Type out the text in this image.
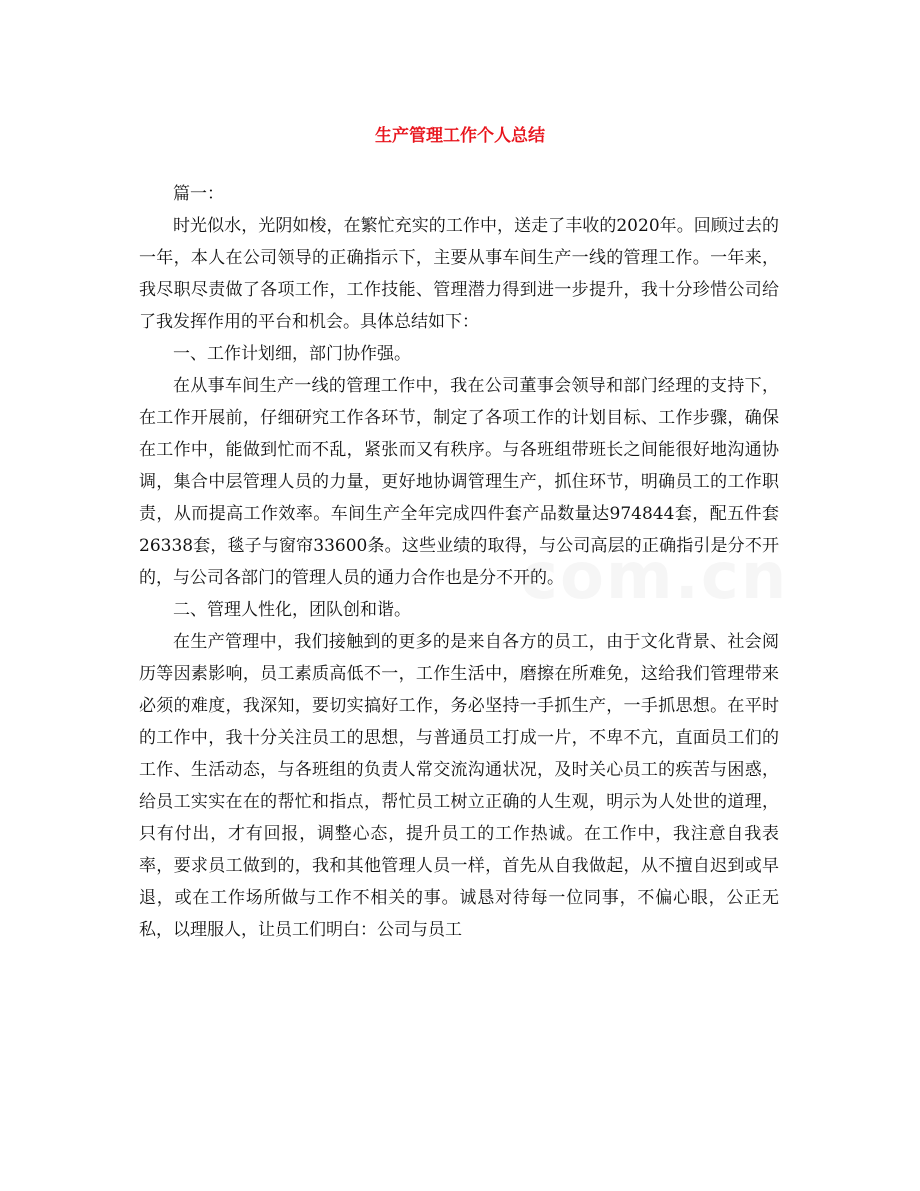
生产管理工作个人总结

篇一：

时光似水，光阴如梭，在繁忙充实的工作中，送走了丰收的2020年。回顾过去的一年，本人在公司领导的正确指示下，主要从事车间生产一线的管理工作。一年来，我尽职尽责做了各项工作，工作技能、管理潜力得到进一步提升，我十分珍惜公司给了我发挥作用的平台和机会。具体总结如下：

一、工作计划细，部门协作强。

在从事车间生产一线的管理工作中，我在公司董事会领导和部门经理的支持下，在工作开展前，仔细研究工作各环节，制定了各项工作的计划目标、工作步骤，确保在工作中，能做到忙而不乱，紧张而又有秩序。与各班组带班长之间能很好地沟通协调，集合中层管理人员的力量，更好地协调管理生产，抓住环节，明确员工的工作职责，从而提高工作效率。车间生产全年完成四件套产品数量达974844套，配五件套26338套，毯子与窗帘33600条。这些业绩的取得，与公司高层的正确指引是分不开的，与公司各部门的管理人员的通力合作也是分不开的。

二、管理人性化，团队创和谐。

在生产管理中，我们接触到的更多的是来自各方的员工，由于文化背景、社会阅历等因素影响，员工素质高低不一，工作生活中，磨擦在所难免，这给我们管理带来必须的难度，我深知，要切实搞好工作，务必坚持一手抓生产，一手抓思想。在平时的工作中，我十分关注员工的思想，与普通员工打成一片，不卑不亢，直面员工们的工作、生活动态，与各班组的负责人常交流沟通状况，及时关心员工的疾苦与困惑，给员工实实在在的帮忙和指点，帮忙员工树立正确的人生观，明示为人处世的道理，只有付出，才有回报，调整心态，提升员工的工作热诚。在工作中，我注意自我表率，要求员工做到的，我和其他管理人员一样，首先从自我做起，从不擅自迟到或早退，或在工作场所做与工作不相关的事。诚恳对待每一位同事，不偏心眼，公正无私，以理服人，让员工们明白：公司与员工
